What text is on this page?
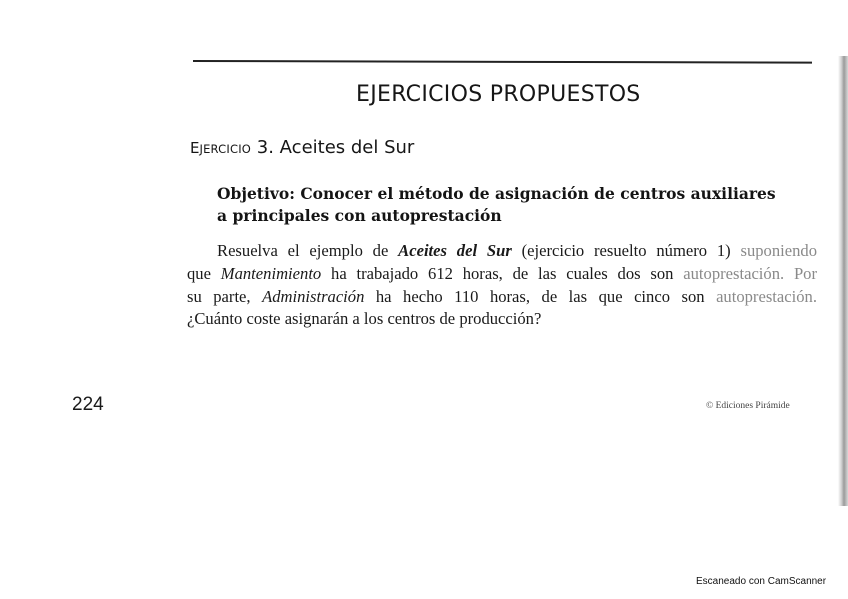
EJERCICIOS PROPUESTOS
EJERCICIO 3. Aceites del Sur
Objetivo: Conocer el método de asignación de centros auxiliares
a principales con autoprestación
Resuelva el ejemplo de Aceites del Sur (ejercicio resuelto número 1) suponiendo
que Mantenimiento ha trabajado 612 horas, de las cuales dos son autoprestación. Por
su parte, Administración ha hecho 110 horas, de las que cinco son autoprestación.
¿Cuánto coste asignarán a los centros de producción?
224	© Ediciones Pirámide
Escaneado con CamScanner
